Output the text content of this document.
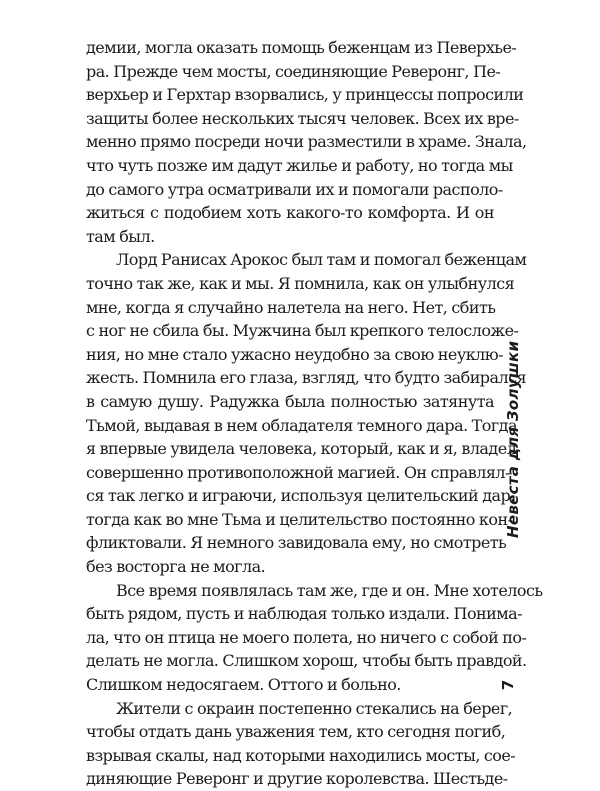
демии, могла оказать помощь беженцам из Певерхье-
ра. Прежде чем мосты, соединяющие Реверонг, Пе-
верхьер и Герхтар взорвались, у принцессы попросили
защиты более нескольких тысяч человек. Всех их вре-
менно прямо посреди ночи разместили в храме. Знала,
что чуть позже им дадут жилье и работу, но тогда мы
до самого утра осматривали их и помогали располо-
житься с подобием хоть какого-то комфорта. И он
там был.
Лорд Ранисах Арокос был там и помогал беженцам
точно так же, как и мы. Я помнила, как он улыбнулся
мне, когда я случайно налетела на него. Нет, сбить
с ног не сбила бы. Мужчина был крепкого телосложе-
ния, но мне стало ужасно неудобно за свою неуклю-
жесть. Помнила его глаза, взгляд, что будто забирался
в самую душу. Радужка была полностью затянута
Тьмой, выдавая в нем обладателя темного дара. Тогда
я впервые увидела человека, который, как и я, владел
совершенно противоположной магией. Он справлял-
ся так легко и играючи, используя целительский дар,
тогда как во мне Тьма и целительство постоянно кон-
фликтовали. Я немного завидовала ему, но смотреть
без восторга не могла.
Все время появлялась там же, где и он. Мне хотелось
быть рядом, пусть и наблюдая только издали. Понима-
ла, что он птица не моего полета, но ничего с собой по-
делать не могла. Слишком хорош, чтобы быть правдой.
Слишком недосягаем. Оттого и больно.
Жители с окраин постепенно стекались на берег,
чтобы отдать дань уважения тем, кто сегодня погиб,
взрывая скалы, над которыми находились мосты, сое-
диняющие Реверонг и другие королевства. Шестьде-
Невеста для Золушки
7
